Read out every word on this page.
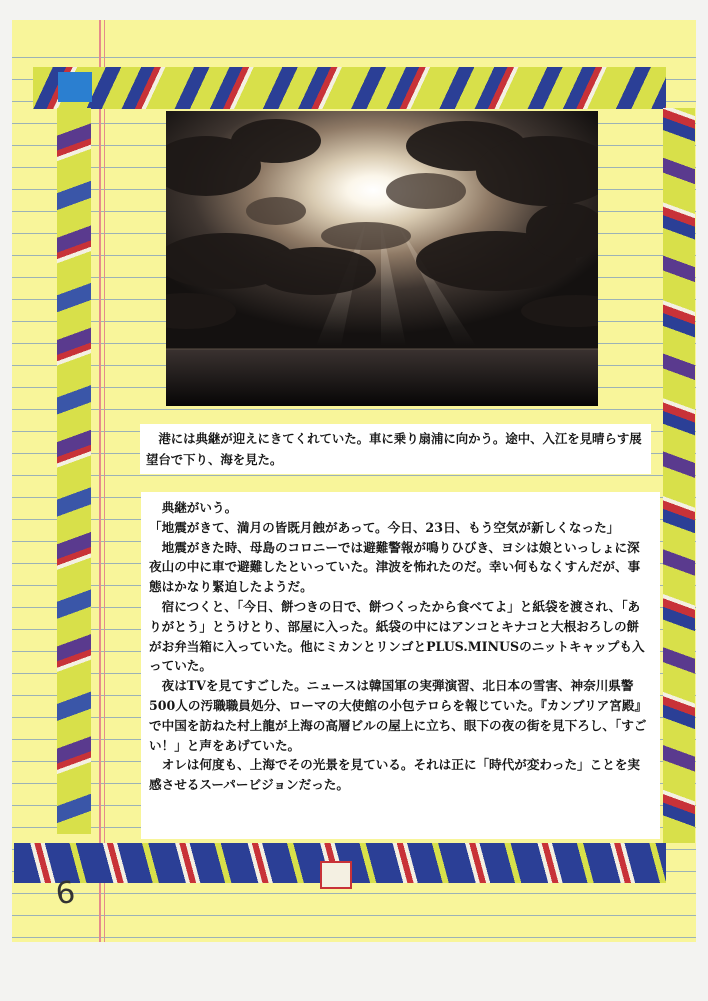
港には典継が迎えにきてくれていた。車に乗り扇浦に向かう。途中、入江を見晴らす展望台で下り、海を見た。

典継がいう。

「地震がきて、満月の皆既月蝕があって。今日、23日、もう空気が新しくなった」

地震がきた時、母島のコロニーでは避難警報が鳴りひびき、ヨシは娘といっしょに深夜山の中に車で避難したといっていた。津波を怖れたのだ。幸い何もなくすんだが、事態はかなり緊迫したようだ。

宿につくと、「今日、餅つきの日で、餅つくったから食べてよ」と紙袋を渡され、「ありがとう」とうけとり、部屋に入った。紙袋の中にはアンコとキナコと大根おろしの餅がお弁当箱に入っていた。他にミカンとリンゴとPLUS.MINUSのニットキャップも入っていた。

夜はTVを見てすごした。ニュースは韓国軍の実弾演習、北日本の雪害、神奈川県警500人の汚職職員処分、ローマの大使館の小包テロらを報じていた。『カンブリア宮殿』で中国を訪ねた村上龍が上海の高層ビルの屋上に立ち、眼下の夜の街を見下ろし、「すごい！」と声をあげていた。

オレは何度も、上海でその光景を見ている。それは正に「時代が変わった」ことを実感させるスーパービジョンだった。

6
